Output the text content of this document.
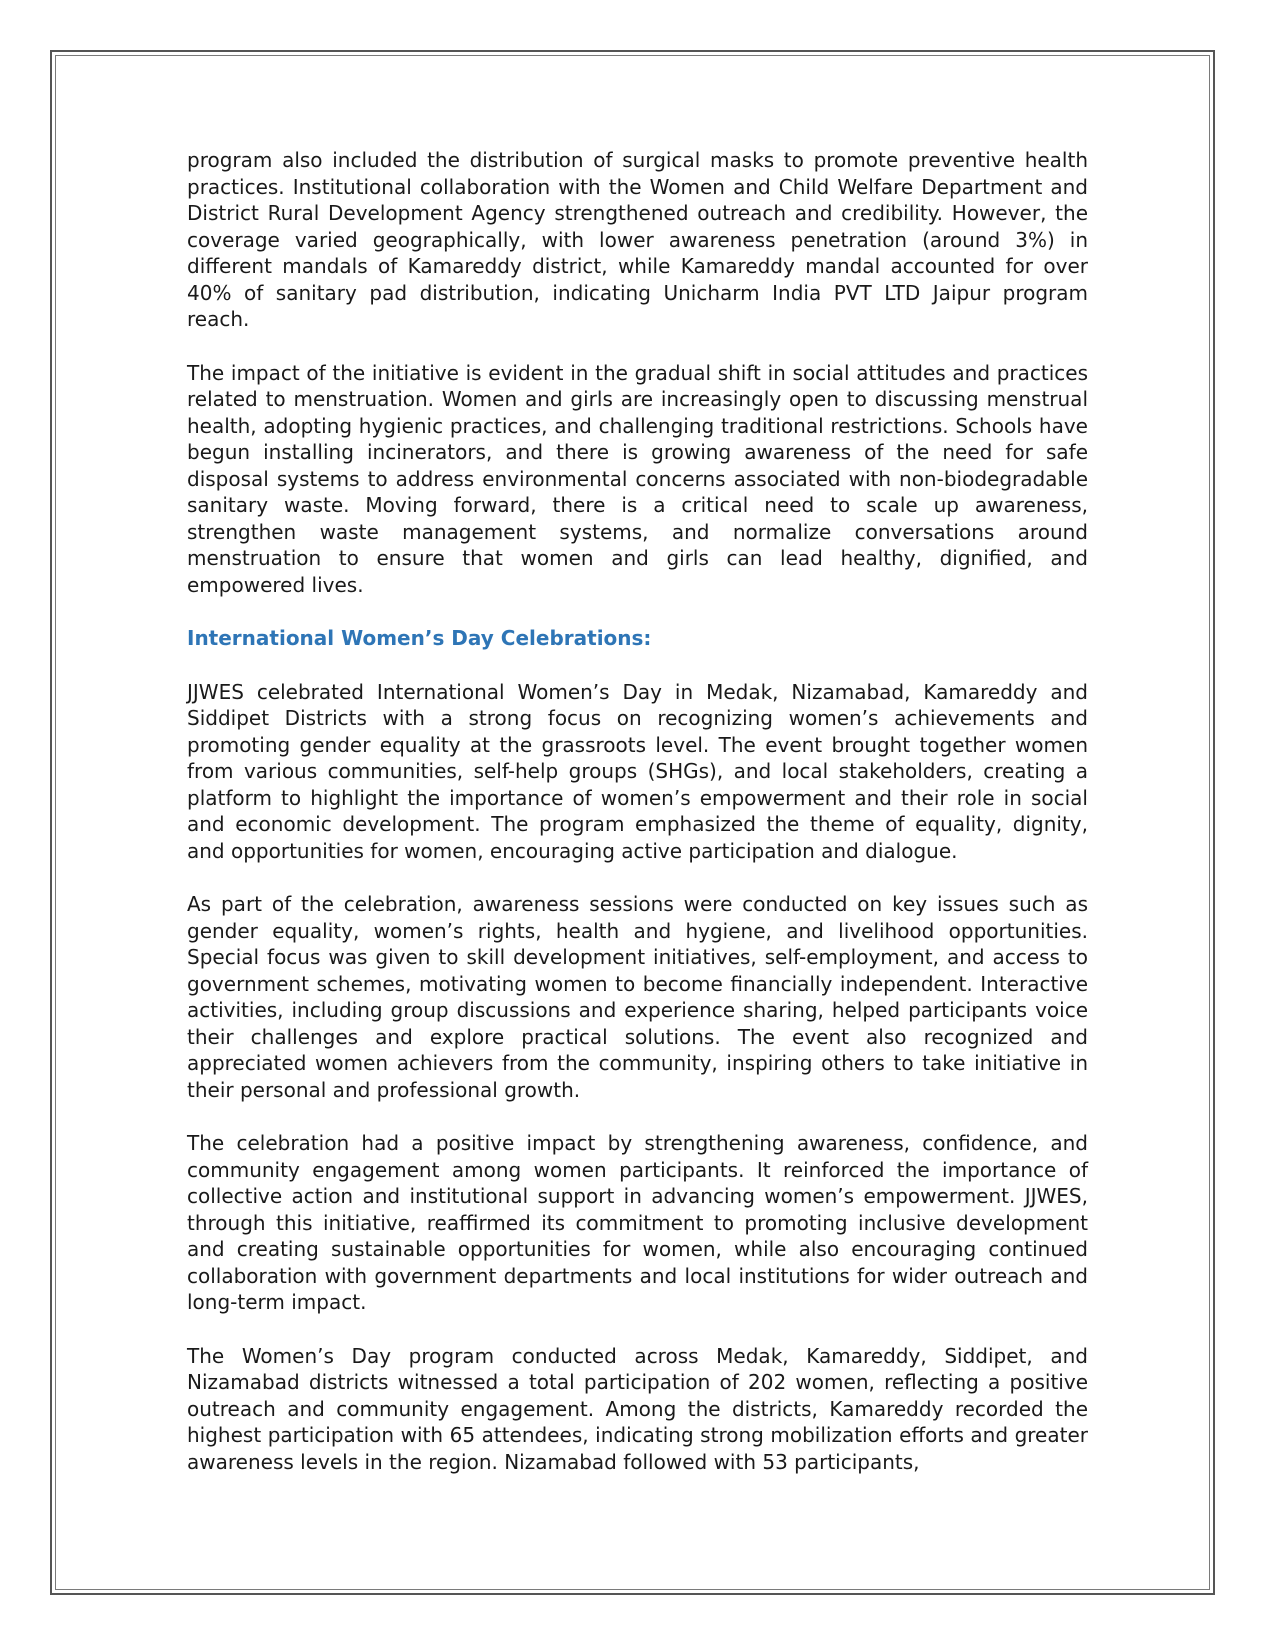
program also included the distribution of surgical masks to promote preventive health practices. Institutional collaboration with the Women and Child Welfare Department and District Rural Development Agency strengthened outreach and credibility. However, the coverage varied geographically, with lower awareness penetration (around 3%) in different mandals of Kamareddy district, while Kamareddy mandal accounted for over 40% of sanitary pad distribution, indicating Unicharm India PVT LTD Jaipur program reach.

The impact of the initiative is evident in the gradual shift in social attitudes and practices related to menstruation. Women and girls are increasingly open to discussing menstrual health, adopting hygienic practices, and challenging traditional restrictions. Schools have begun installing incinerators, and there is growing awareness of the need for safe disposal systems to address environmental concerns associated with non-biodegradable sanitary waste. Moving forward, there is a critical need to scale up awareness, strengthen waste management systems, and normalize conversations around menstruation to ensure that women and girls can lead healthy, dignified, and empowered lives.

International Women’s Day Celebrations:

JJWES celebrated International Women’s Day in Medak, Nizamabad, Kamareddy and Siddipet Districts with a strong focus on recognizing women’s achievements and promoting gender equality at the grassroots level. The event brought together women from various communities, self-help groups (SHGs), and local stakeholders, creating a platform to highlight the importance of women’s empowerment and their role in social and economic development. The program emphasized the theme of equality, dignity, and opportunities for women, encouraging active participation and dialogue.

As part of the celebration, awareness sessions were conducted on key issues such as gender equality, women’s rights, health and hygiene, and livelihood opportunities. Special focus was given to skill development initiatives, self-employment, and access to government schemes, motivating women to become financially independent. Interactive activities, including group discussions and experience sharing, helped participants voice their challenges and explore practical solutions. The event also recognized and appreciated women achievers from the community, inspiring others to take initiative in their personal and professional growth.

The celebration had a positive impact by strengthening awareness, confidence, and community engagement among women participants. It reinforced the importance of collective action and institutional support in advancing women’s empowerment. JJWES, through this initiative, reaffirmed its commitment to promoting inclusive development and creating sustainable opportunities for women, while also encouraging continued collaboration with government departments and local institutions for wider outreach and long-term impact.

The Women’s Day program conducted across Medak, Kamareddy, Siddipet, and Nizamabad districts witnessed a total participation of 202 women, reflecting a positive outreach and community engagement. Among the districts, Kamareddy recorded the highest participation with 65 attendees, indicating strong mobilization efforts and greater awareness levels in the region. Nizamabad followed with 53 participants,
